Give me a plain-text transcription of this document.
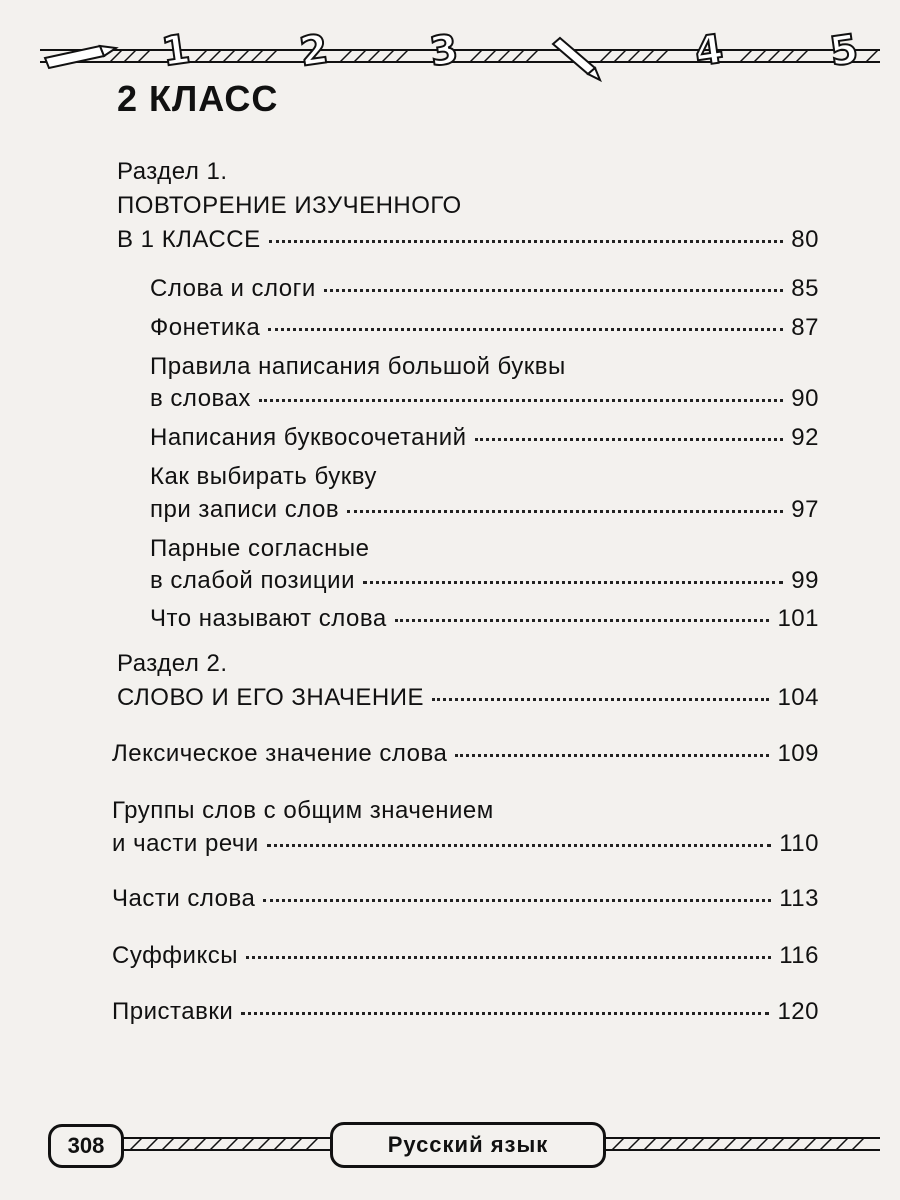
1	2 3	4	5
2 КЛАСС
Раздел 1.
ПОВТОРЕНИЕ ИЗУЧЕННОГО
В 1 КЛАССЕ	80
Слова и слоги	85
Фонетика	87
Правила написания большой буквы
в словах	90
Написания буквосочетаний	92
Как выбирать букву
при записи слов	97
Парные согласные
в слабой позиции	99
Что называют слова	101
Раздел 2.
СЛОВО И ЕГО ЗНАЧЕНИЕ	104
Лексическое значение слова	109
Группы слов с общим значением
и части речи	110
Части слова	113
Суффиксы	116
Приставки	120
308	Русский язык
